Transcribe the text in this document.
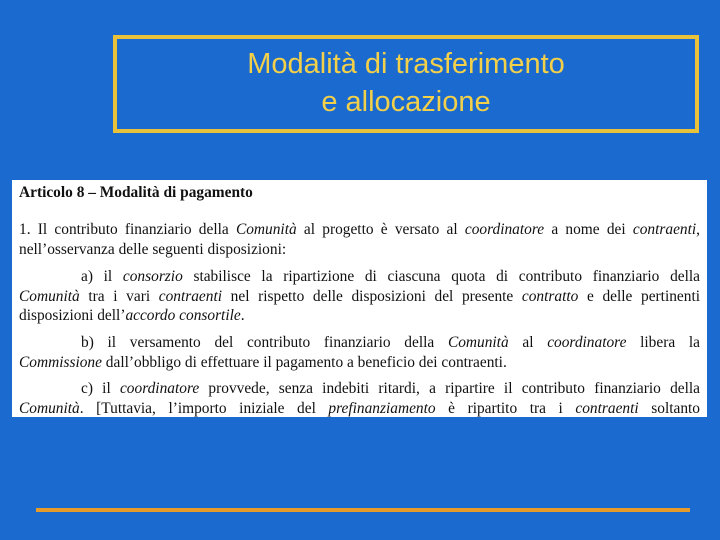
Modalità di trasferimento
e allocazione
Articolo 8 – Modalità di pagamento
1. Il contributo finanziario della Comunità al progetto è versato al coordinatore a nome dei contraenti,
nell’osservanza delle seguenti disposizioni:
a) il consorzio stabilisce la ripartizione di ciascuna quota di contributo finanziario della
Comunità tra i vari contraenti nel rispetto delle disposizioni del presente contratto e delle pertinenti
disposizioni dell’accordo consortile.
b) il versamento del contributo finanziario della Comunità al coordinatore libera la
Commissione dall’obbligo di effettuare il pagamento a beneficio dei contraenti.
c) il coordinatore provvede, senza indebiti ritardi, a ripartire il contributo finanziario della
Comunità. [Tuttavia, l’importo iniziale del prefinanziamento è ripartito tra i contraenti soltanto
